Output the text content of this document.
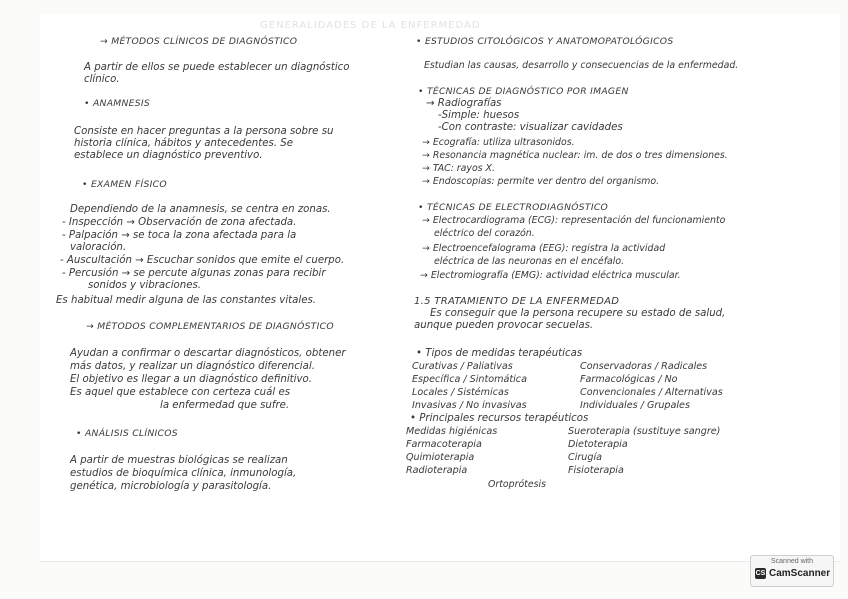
GENERALIDADES DE LA ENFERMEDAD
→ MÉTODOS CLÍNICOS DE DIAGNÓSTICO
A partir de ellos se puede establecer un diagnóstico
clínico.
• ANAMNESIS
Consiste en hacer preguntas a la persona sobre su
historia clínica, hábitos y antecedentes. Se
establece un diagnóstico preventivo.
• EXAMEN FÍSICO
Dependiendo de la anamnesis, se centra en zonas.
- Inspección → Observación de zona afectada.
- Palpación → se toca la zona afectada para la
valoración.
- Auscultación → Escuchar sonidos que emite el cuerpo.
- Percusión → se percute algunas zonas para recibir
sonidos y vibraciones.
Es habitual medir alguna de las constantes vitales.
→ MÉTODOS COMPLEMENTARIOS DE DIAGNÓSTICO
Ayudan a confirmar o descartar diagnósticos, obtener
más datos, y realizar un diagnóstico diferencial.
El objetivo es llegar a un diagnóstico definitivo.
Es aquel que establece con certeza cuál es
la enfermedad que sufre.
• ANÁLISIS CLÍNICOS
A partir de muestras biológicas se realizan
estudios de bioquímica clínica, inmunología,
genética, microbiología y parasitología.
• ESTUDIOS CITOLÓGICOS Y ANATOMOPATOLÓGICOS
Estudian las causas, desarrollo y consecuencias de la enfermedad.
• TÉCNICAS DE DIAGNÓSTICO POR IMAGEN
→ Radiografías
-Simple: huesos
-Con contraste: visualizar cavidades
→ Ecografía: utiliza ultrasonidos.
→ Resonancia magnética nuclear: im. de dos o tres dimensiones.
→ TAC: rayos X.
→ Endoscopias: permite ver dentro del organismo.
• TÉCNICAS DE ELECTRODIAGNÓSTICO
→ Electrocardiograma (ECG): representación del funcionamiento
eléctrico del corazón.
→ Electroencefalograma (EEG): registra la actividad
eléctrica de las neuronas en el encéfalo.
→ Electromiografía (EMG): actividad eléctrica muscular.
1.5 TRATAMIENTO DE LA ENFERMEDAD
Es conseguir que la persona recupere su estado de salud,
aunque pueden provocar secuelas.
• Tipos de medidas terapéuticas
Curativas / Paliativas	Conservadoras / Radicales
Específica / Sintomática	Farmacológicas / No
Locales / Sistémicas	Convencionales / Alternativas
Invasivas / No invasivas	Individuales / Grupales
• Principales recursos terapéuticos
Medidas higiénicas	Sueroterapia (sustituye sangre)
Farmacoterapia	Dietoterapia
Quimioterapia	Cirugía
Radioterapia	Fisioterapia
Ortoprótesis
Scanned with
CS CamScanner
